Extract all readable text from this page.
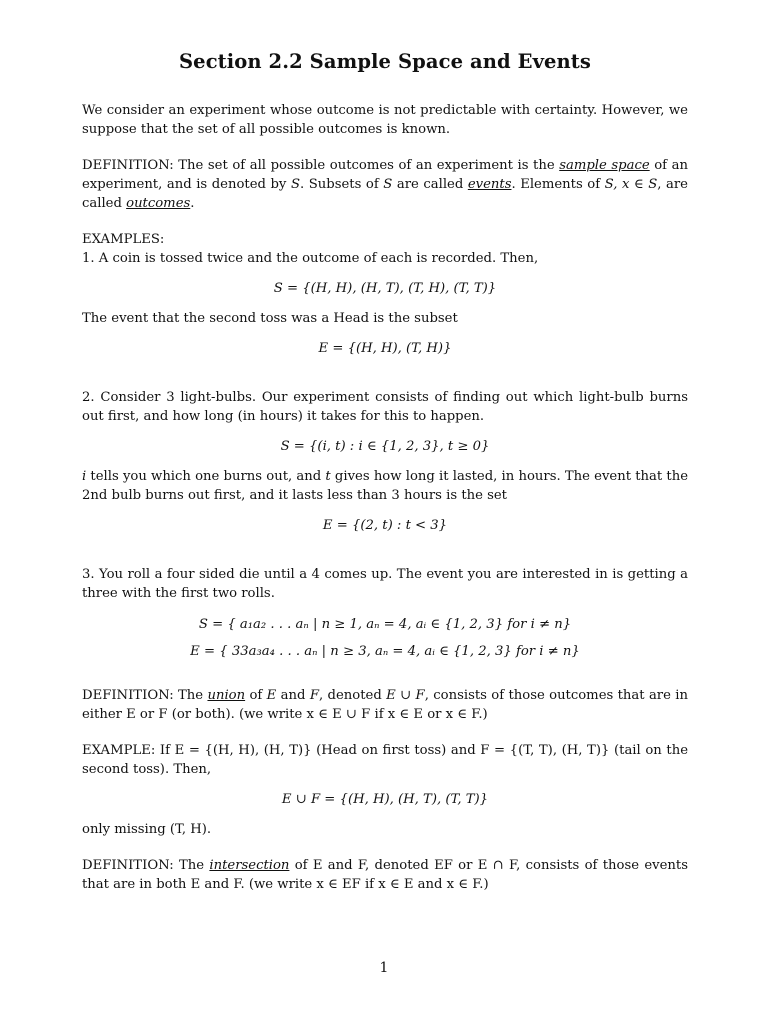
Section 2.2 Sample Space and Events

We consider an experiment whose outcome is not predictable with certainty. However, we suppose that the set of all possible outcomes is known.

DEFINITION: The set of all possible outcomes of an experiment is the sample space of an experiment, and is denoted by S. Subsets of S are called events. Elements of S, x ∈ S, are called outcomes.

EXAMPLES:

1. A coin is tossed twice and the outcome of each is recorded. Then,

S = {(H, H), (H, T), (T, H), (T, T)}

The event that the second toss was a Head is the subset

E = {(H, H), (T, H)}

2. Consider 3 light-bulbs. Our experiment consists of finding out which light-bulb burns out first, and how long (in hours) it takes for this to happen.

S = {(i, t) : i ∈ {1, 2, 3}, t ≥ 0}

i tells you which one burns out, and t gives how long it lasted, in hours. The event that the 2nd bulb burns out first, and it lasts less than 3 hours is the set

E = {(2, t) : t < 3}

3. You roll a four sided die until a 4 comes up. The event you are interested in is getting a three with the first two rolls.

S = { a₁a₂ . . . aₙ | n ≥ 1, aₙ = 4, aᵢ ∈ {1, 2, 3} for i ≠ n}
E = { 33a₃a₄ . . . aₙ | n ≥ 3, aₙ = 4, aᵢ ∈ {1, 2, 3} for i ≠ n}

DEFINITION: The union of E and F, denoted E ∪ F, consists of those outcomes that are in either E or F (or both). (we write x ∈ E ∪ F if x ∈ E or x ∈ F.)

EXAMPLE: If E = {(H, H), (H, T)} (Head on first toss) and F = {(T, T), (H, T)} (tail on the second toss). Then,

E ∪ F = {(H, H), (H, T), (T, T)}

only missing (T, H).

DEFINITION: The intersection of E and F, denoted EF or E ∩ F, consists of those events that are in both E and F. (we write x ∈ EF if x ∈ E and x ∈ F.)

1
